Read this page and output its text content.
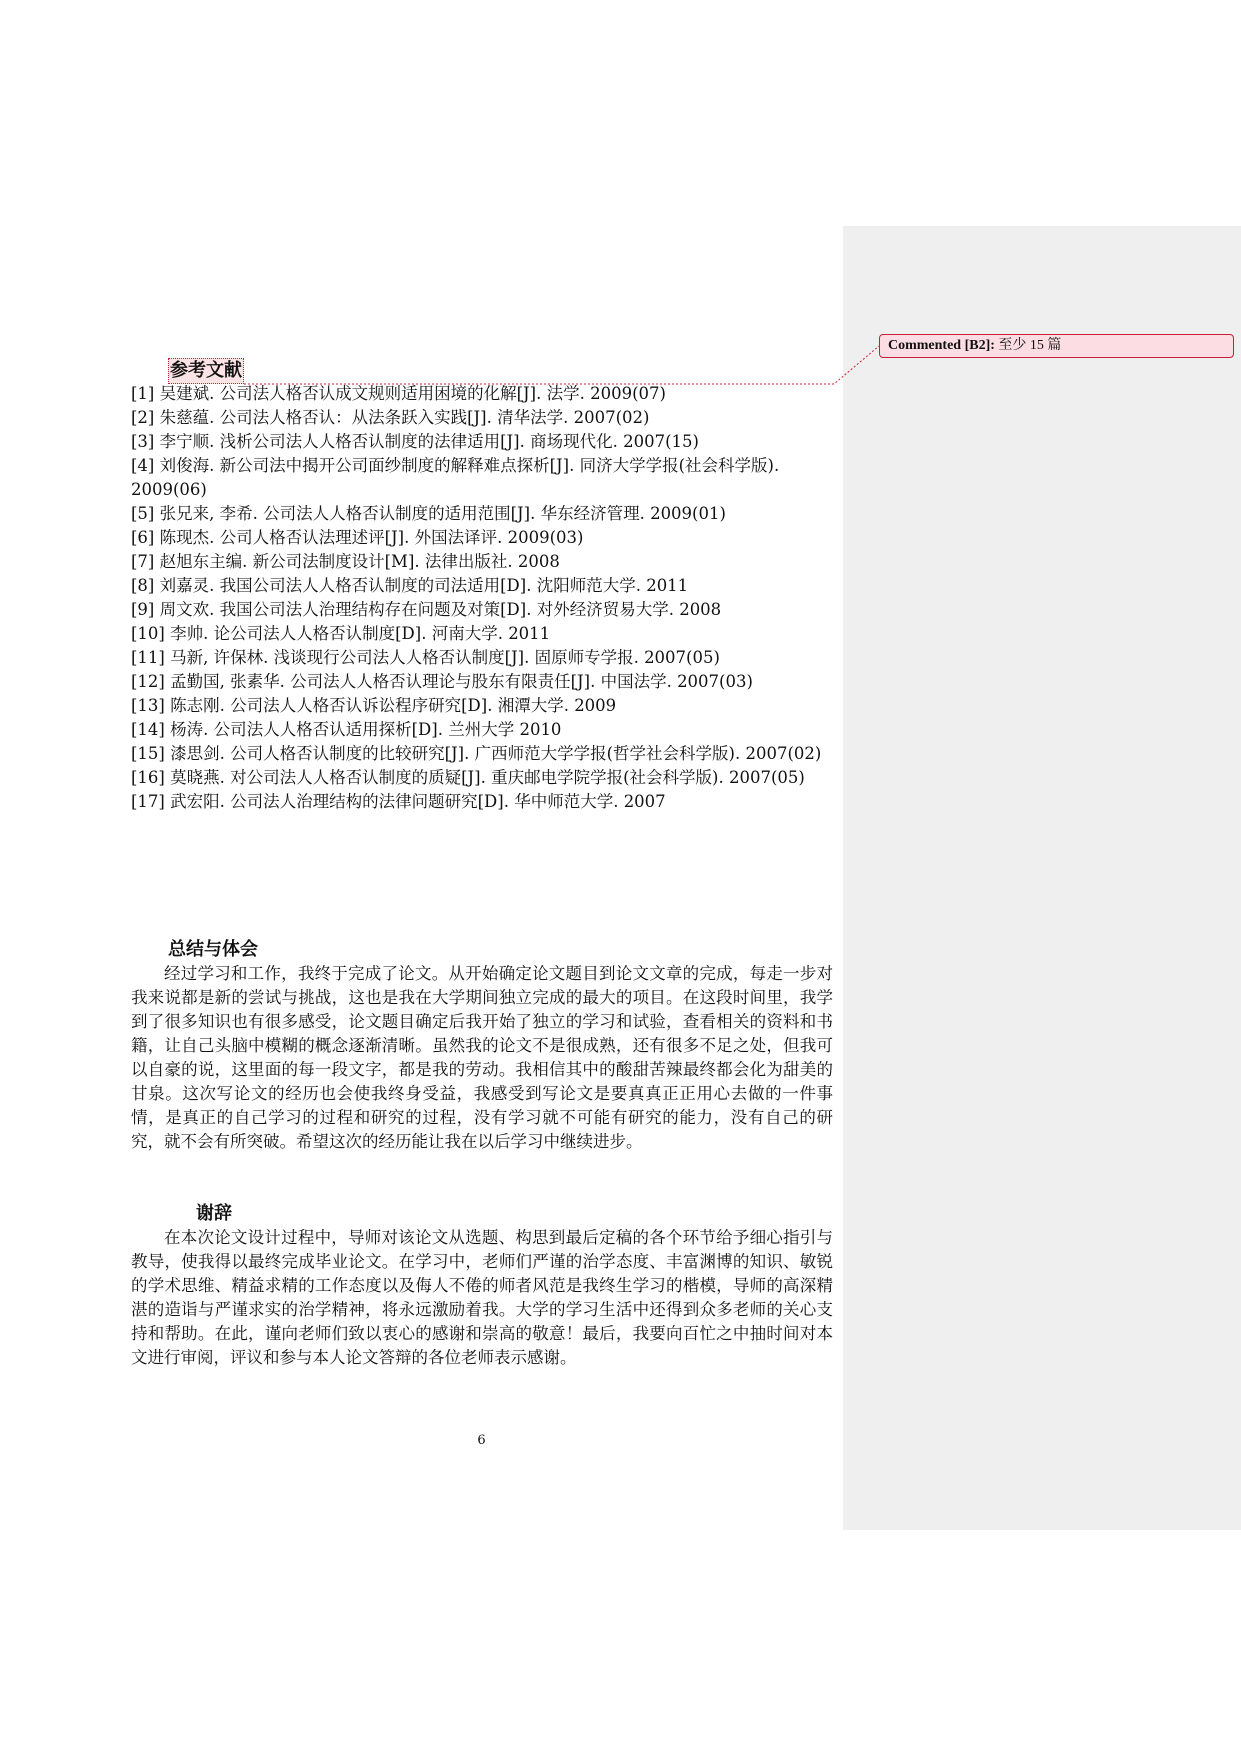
Commented [B2]: 至少 15 篇
参考文献
[1] 吴建斌. 公司法人格否认成文规则适用困境的化解[J]. 法学. 2009(07)
[2] 朱慈蕴. 公司法人格否认：从法条跃入实践[J]. 清华法学. 2007(02)
[3] 李宁顺. 浅析公司法人人格否认制度的法律适用[J]. 商场现代化. 2007(15)
[4] 刘俊海. 新公司法中揭开公司面纱制度的解释难点探析[J]. 同济大学学报(社会科学版). 2009(06)
[5] 张兄来, 李希. 公司法人人格否认制度的适用范围[J]. 华东经济管理. 2009(01)
[6] 陈现杰. 公司人格否认法理述评[J]. 外国法译评. 2009(03)
[7] 赵旭东主编. 新公司法制度设计[M]. 法律出版社. 2008
[8] 刘嘉灵. 我国公司法人人格否认制度的司法适用[D]. 沈阳师范大学. 2011
[9] 周文欢. 我国公司法人治理结构存在问题及对策[D]. 对外经济贸易大学. 2008
[10] 李帅. 论公司法人人格否认制度[D]. 河南大学. 2011
[11] 马新, 许保林. 浅谈现行公司法人人格否认制度[J]. 固原师专学报. 2007(05)
[12] 孟勤国, 张素华. 公司法人人格否认理论与股东有限责任[J]. 中国法学. 2007(03)
[13] 陈志刚. 公司法人人格否认诉讼程序研究[D]. 湘潭大学. 2009
[14] 杨涛. 公司法人人格否认适用探析[D]. 兰州大学 2010
[15] 漆思剑. 公司人格否认制度的比较研究[J]. 广西师范大学学报(哲学社会科学版). 2007(02)
[16] 莫晓燕. 对公司法人人格否认制度的质疑[J]. 重庆邮电学院学报(社会科学版). 2007(05)
[17] 武宏阳. 公司法人治理结构的法律问题研究[D]. 华中师范大学. 2007
总结与体会
经过学习和工作，我终于完成了论文。从开始确定论文题目到论文文章的完成，每走一步对我来说都是新的尝试与挑战，这也是我在大学期间独立完成的最大的项目。在这段时间里，我学到了很多知识也有很多感受，论文题目确定后我开始了独立的学习和试验，查看相关的资料和书籍，让自己头脑中模糊的概念逐渐清晰。虽然我的论文不是很成熟，还有很多不足之处，但我可以自豪的说，这里面的每一段文字，都是我的劳动。我相信其中的酸甜苦辣最终都会化为甜美的甘泉。这次写论文的经历也会使我终身受益，我感受到写论文是要真真正正用心去做的一件事情，是真正的自己学习的过程和研究的过程，没有学习就不可能有研究的能力，没有自己的研究，就不会有所突破。希望这次的经历能让我在以后学习中继续进步。
谢辞
在本次论文设计过程中，导师对该论文从选题、构思到最后定稿的各个环节给予细心指引与教导，使我得以最终完成毕业论文。在学习中，老师们严谨的治学态度、丰富渊博的知识、敏锐的学术思维、精益求精的工作态度以及侮人不倦的师者风范是我终生学习的楷模，导师的高深精湛的造诣与严谨求实的治学精神，将永远激励着我。大学的学习生活中还得到众多老师的关心支持和帮助。在此，谨向老师们致以衷心的感谢和崇高的敬意！最后，我要向百忙之中抽时间对本文进行审阅，评议和参与本人论文答辩的各位老师表示感谢。
6
